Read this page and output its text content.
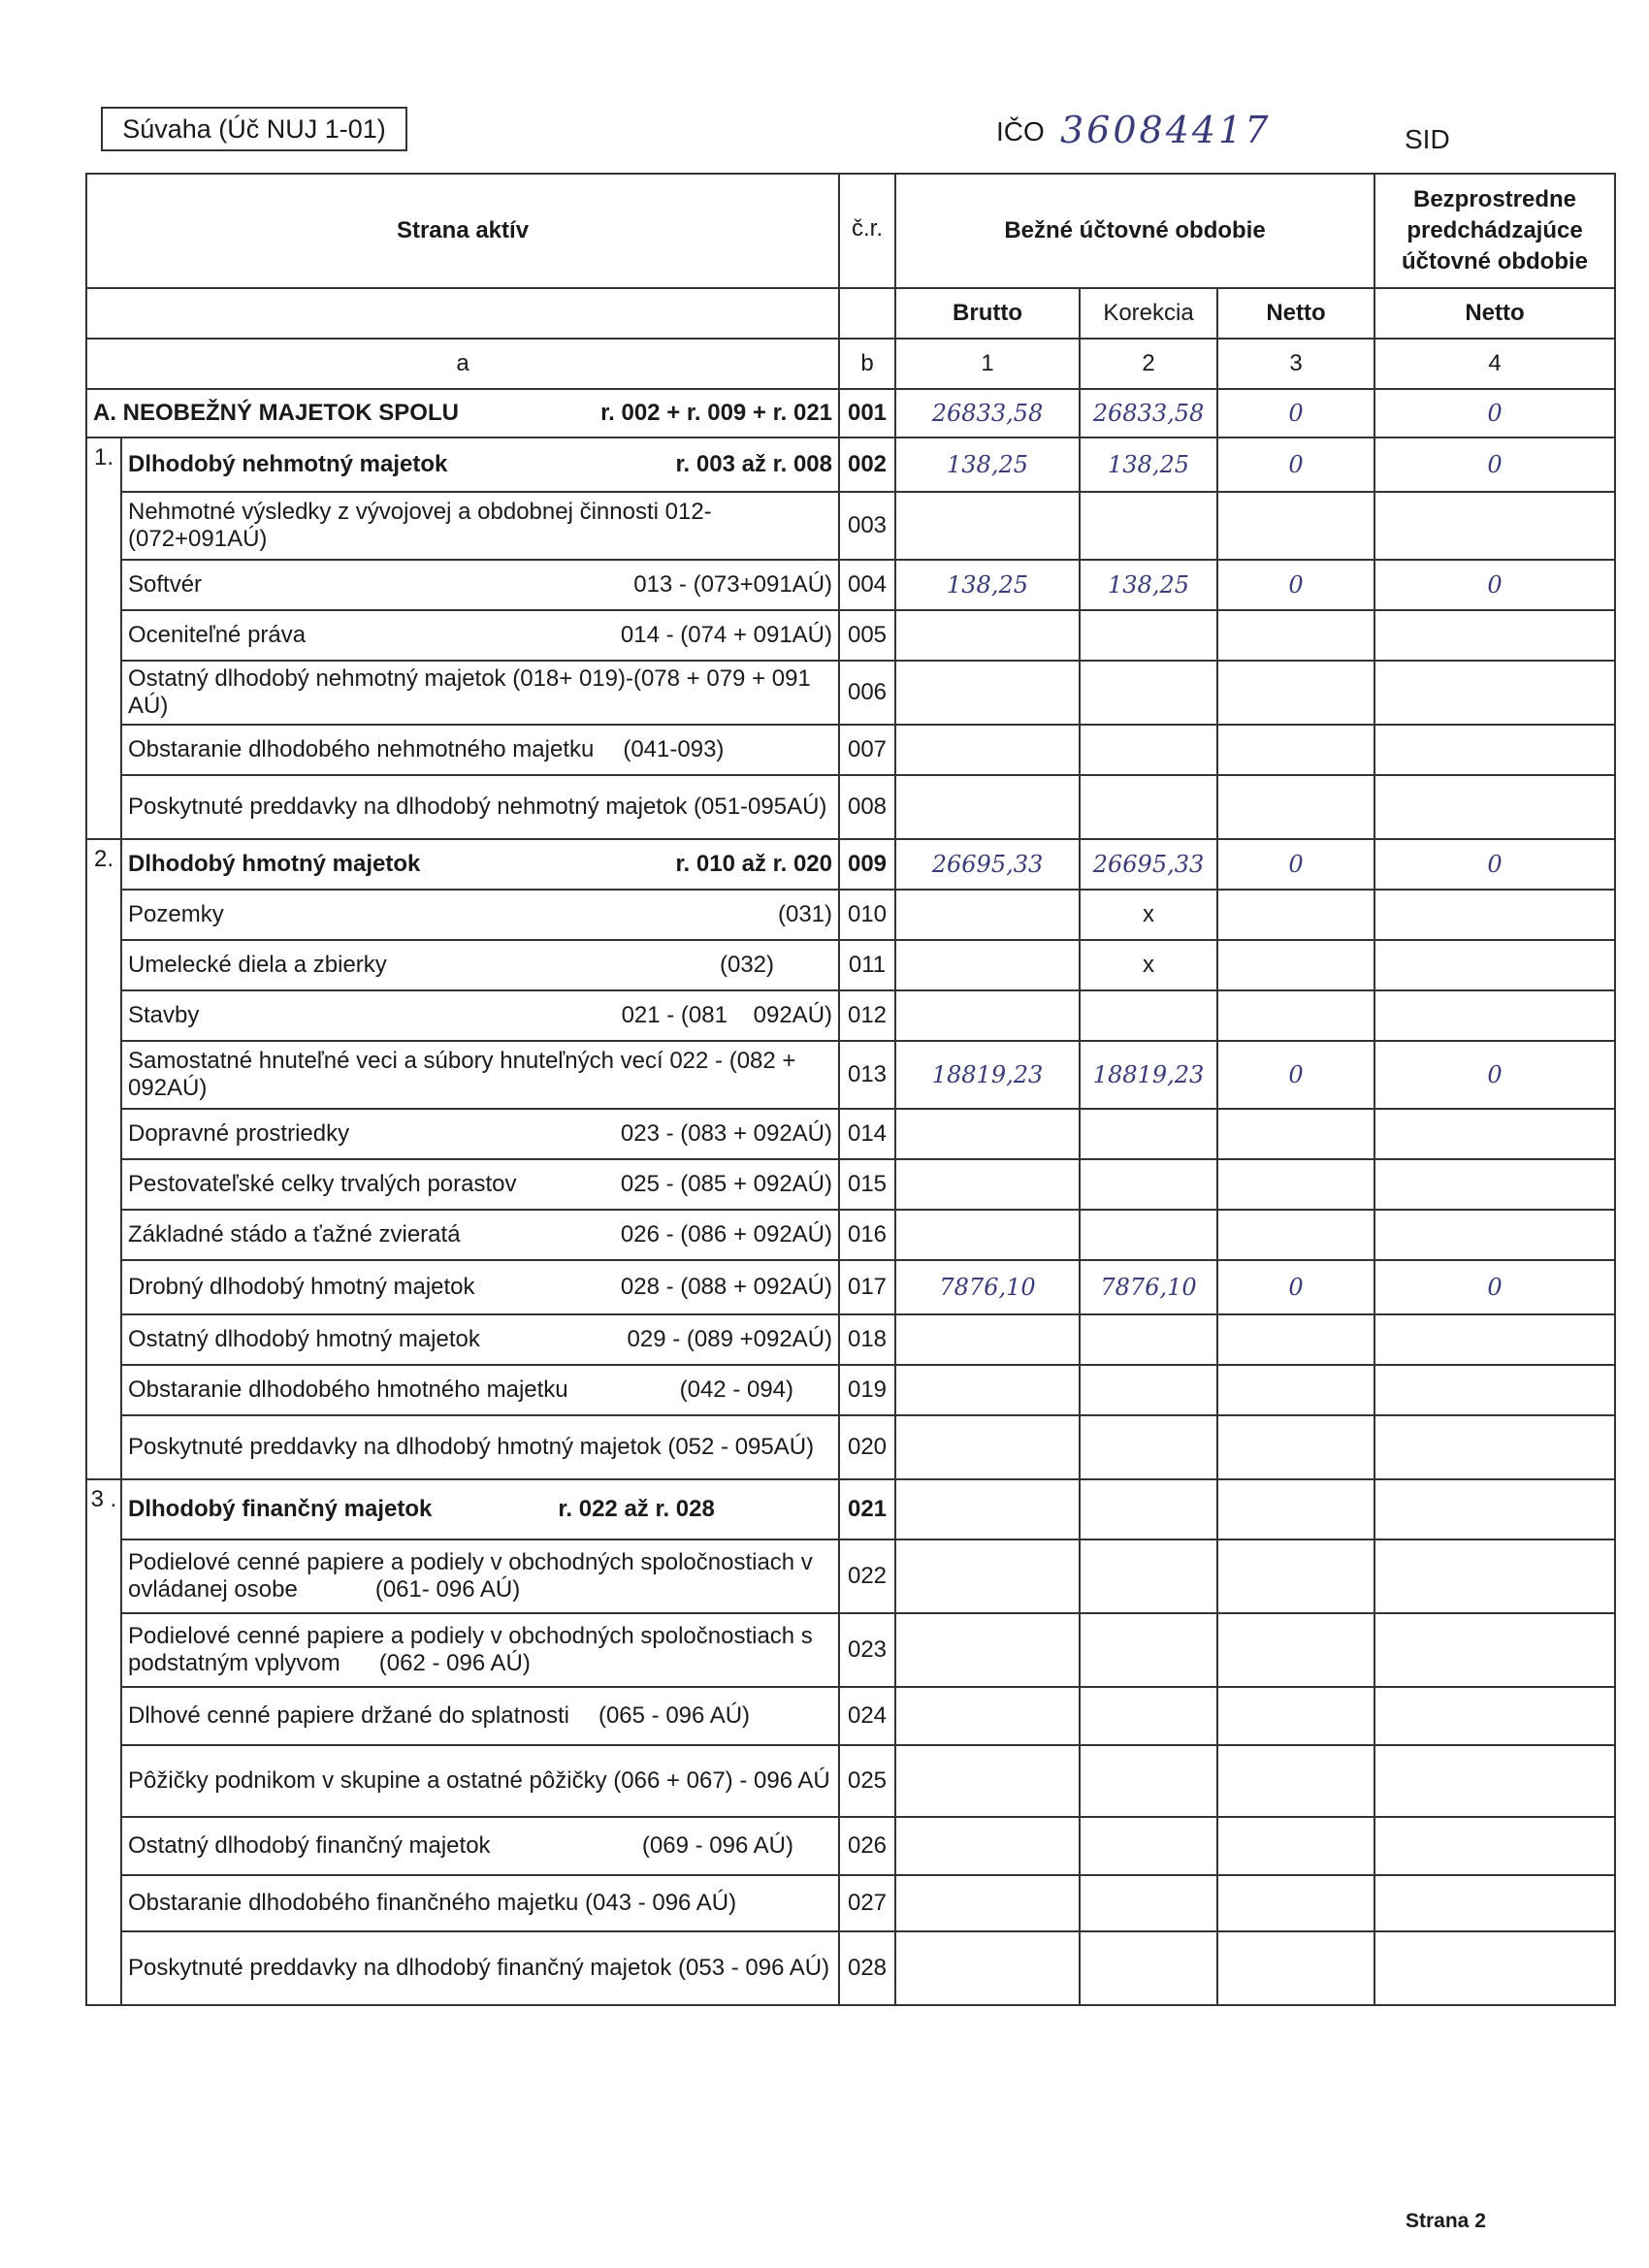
Súvaha (Úč NUJ 1-01)	IČO 36084417	SID
Strana aktív		č.r.	Bežné účtovné obdobie			Bezprostredne predchádzajúce účtovné obdobie
			Brutto	Korekcia	Netto	Netto
a		b	1	2	3	4

A. NEOBEŽNÝ MAJETOK SPOLU r. 002 + r. 009 + r. 021		001	26833,58	26833,58	0	0
1.	Dlhodobý nehmotný majetok r. 003 až r. 008	002	138,25	138,25	0	0
	Nehmotné výsledky z vývojovej a obdobnej činnosti 012-(072+091AÚ)	003				

	Softvér 013 - (073+091AÚ)	004	138,25	138,25	0	0

	Oceniteľné práva 014 - (074 + 091AÚ)	005				
	Ostatný dlhodobý nehmotný majetok (018+ 019)-(078 + 079 + 091 AÚ)	006				

	Obstaranie dlhodobého nehmotného majetku (041-093)	007				
	Poskytnuté preddavky na dlhodobý nehmotný majetok (051-095AÚ)	008				
2.	Dlhodobý hmotný majetok r. 010 až r. 020	009	26695,33	26695,33	0	0

	Pozemky (031)	010		x		

	Umelecké diela a zbierky (032)	011		x		

	Stavby 021 - (081    092AÚ)	012				
	Samostatné hnuteľné veci a súbory hnuteľných vecí 022 - (082 + 092AÚ)	013	18819,23	18819,23	0	0

	Dopravné prostriedky 023 - (083 + 092AÚ)	014				

	Pestovateľské celky trvalých porastov 025 - (085 + 092AÚ)	015				

	Základné stádo a ťažné zvieratá 026 - (086 + 092AÚ)	016				

	Drobný dlhodobý hmotný majetok 028 - (088 + 092AÚ)	017	7876,10	7876,10	0	0

	Ostatný dlhodobý hmotný majetok 029 - (089 +092AÚ)	018				

	Obstaranie dlhodobého hmotného majetku (042 - 094)	019				
	Poskytnuté preddavky na dlhodobý hmotný majetok (052 - 095AÚ)	020				
3 .	Dlhodobý finančný majetok r. 022 až r. 028	021				
	Podielové cenné papiere a podiely v obchodných spoločnostiach v ovládanej osobe            (061- 096 AÚ)	022				
	Podielové cenné papiere a podiely v obchodných spoločnostiach s  podstatným vplyvom      (062 - 096 AÚ)	023				

	Dlhové cenné papiere držané do splatnosti (065 - 096 AÚ)	024				
	Pôžičky podnikom v skupine a ostatné pôžičky (066 + 067) - 096 AÚ	025				

	Ostatný dlhodobý finančný majetok (069 - 096 AÚ)	026				
	Obstaranie dlhodobého finančného majetku (043 - 096 AÚ)	027				
	Poskytnuté preddavky na dlhodobý finančný majetok (053 - 096 AÚ)	028				
Strana 2
